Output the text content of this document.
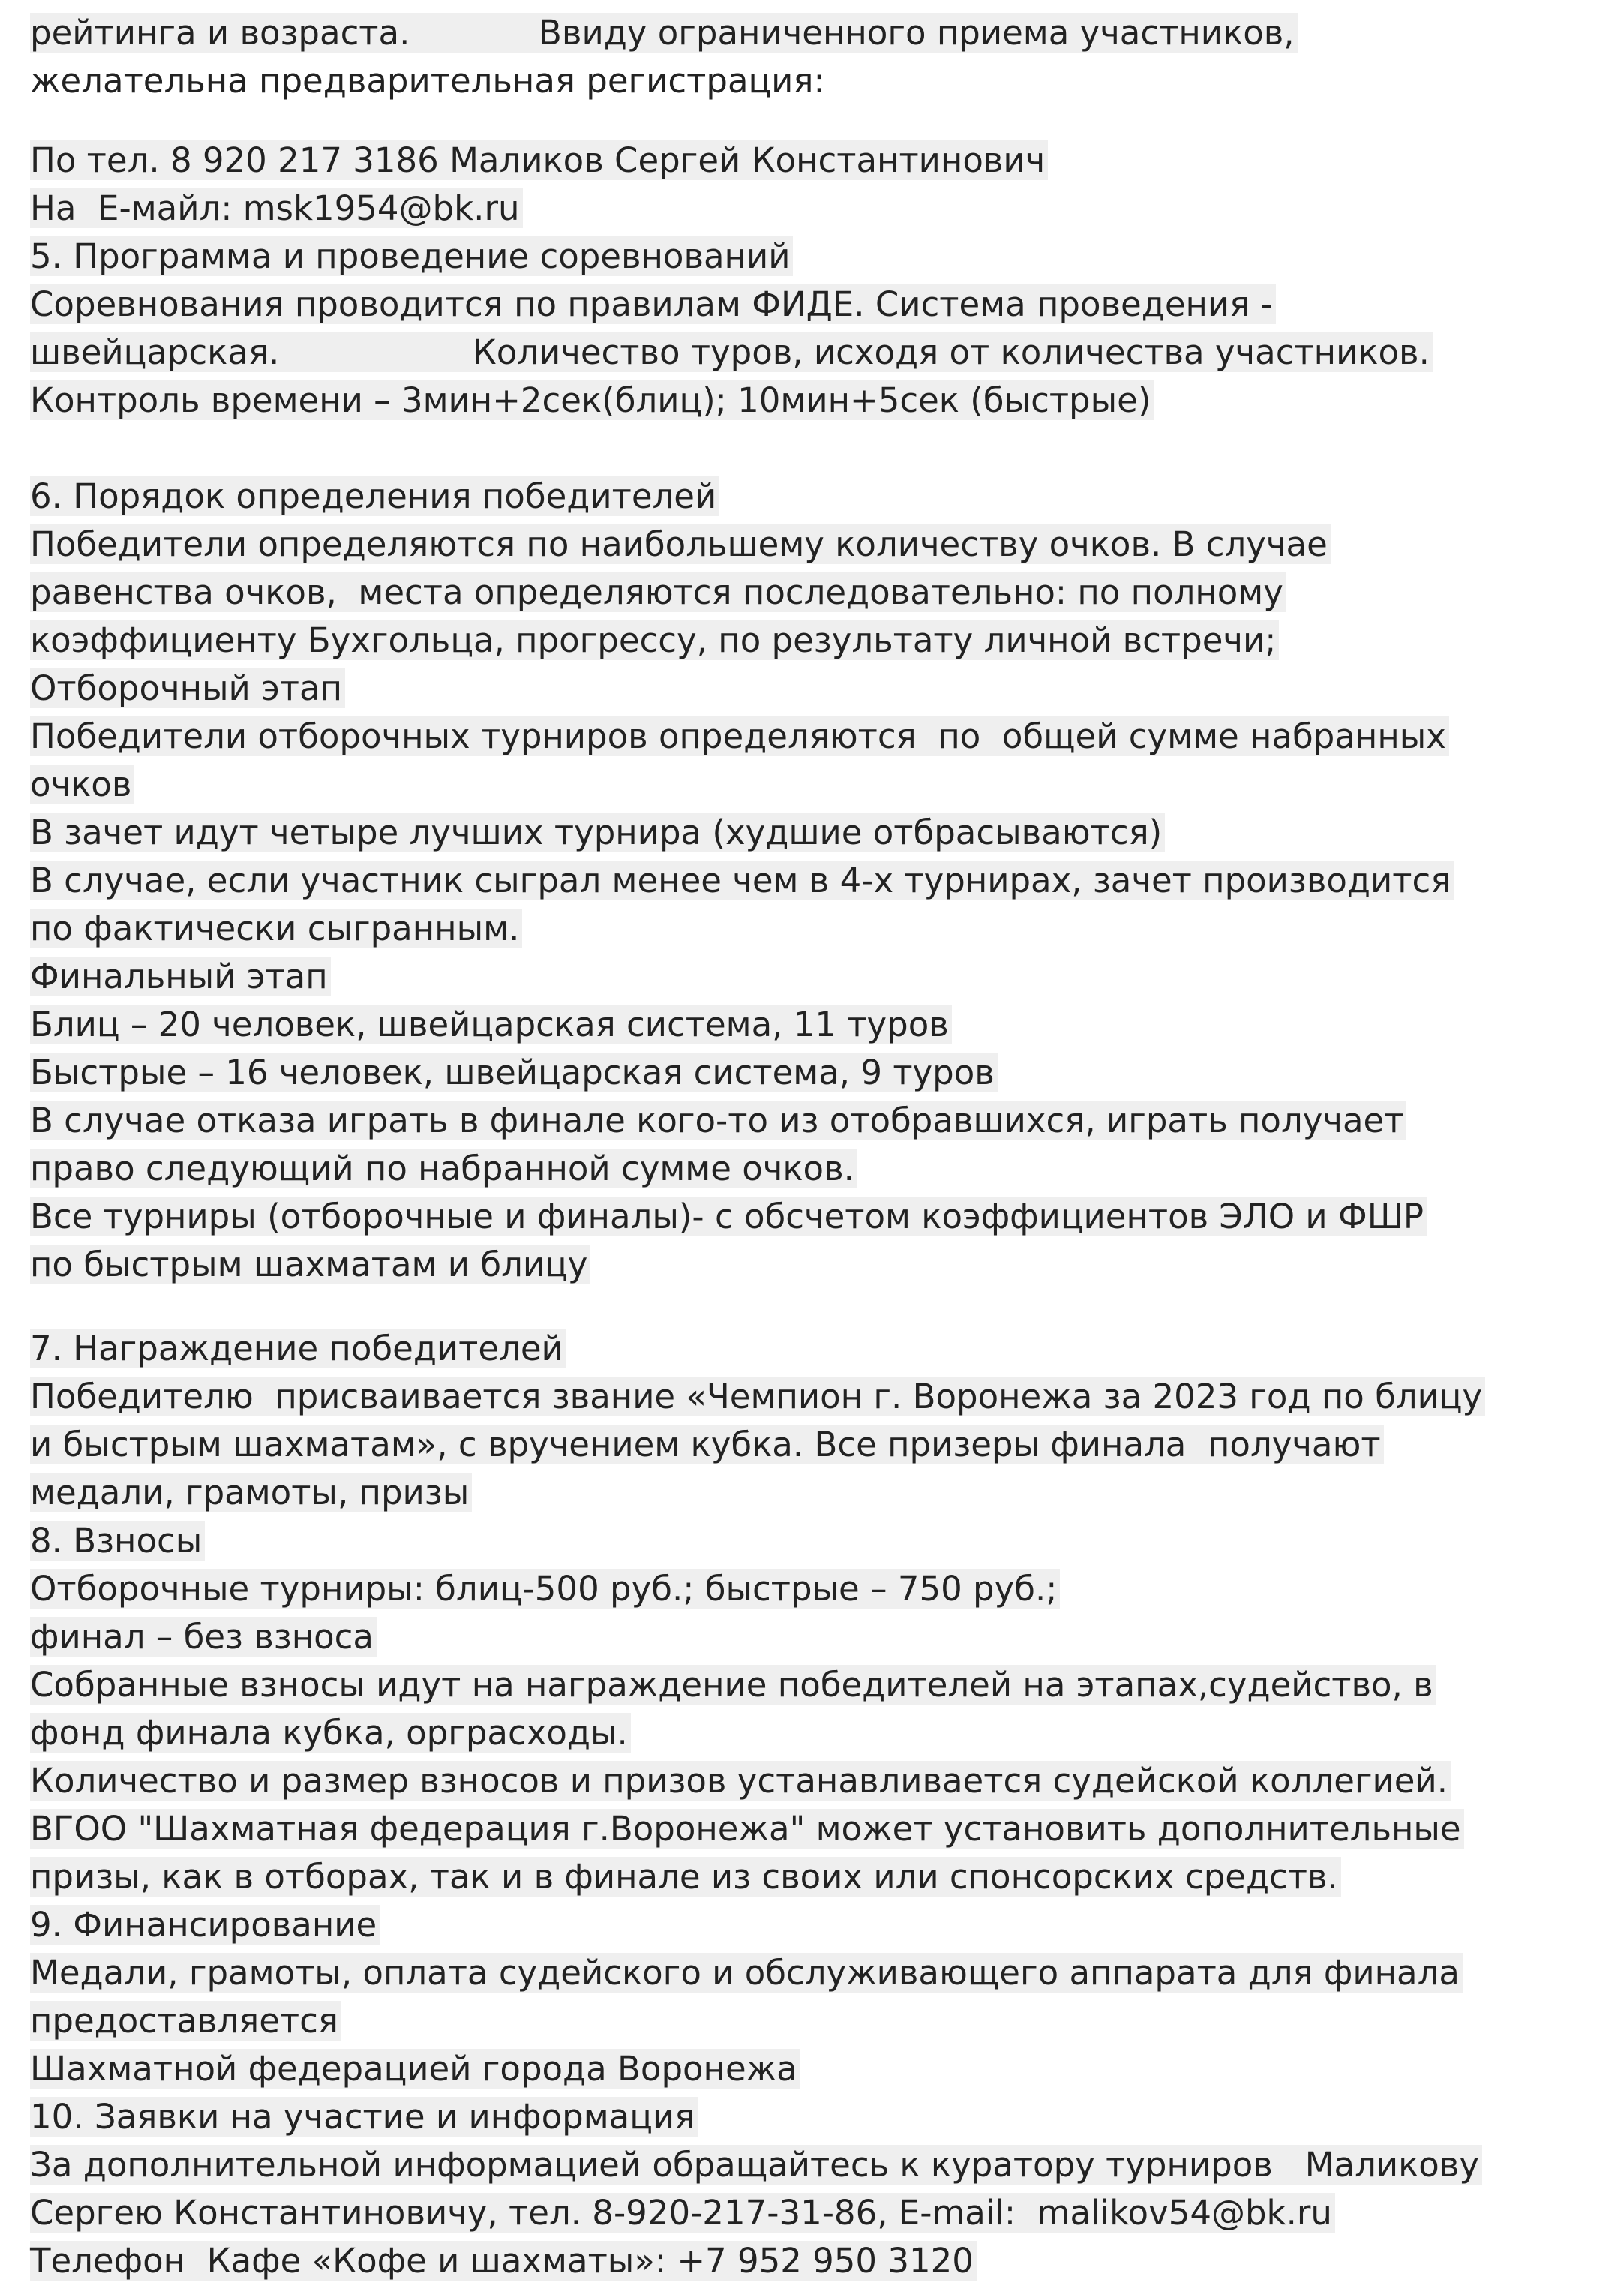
рейтинга и возраста.            Ввиду ограниченного приема участников,
желательна предварительная регистрация:
По тел. 8 920 217 3186 Маликов Сергей Константинович
На  Е-майл: msk1954@bk.ru
5. Программа и проведение соревнований
Соревнования проводится по правилам ФИДЕ. Система проведения -
швейцарская.                  Количество туров, исходя от количества участников.
Контроль времени – 3мин+2сек(блиц); 10мин+5сек (быстрые)
6. Порядок определения победителей
Победители определяются по наибольшему количеству очков. В случае
равенства очков,  места определяются последовательно: по полному
коэффициенту Бухгольца, прогрессу, по результату личной встречи;
Отборочный этап
Победители отборочных турниров определяются  по  общей сумме набранных
очков
В зачет идут четыре лучших турнира (худшие отбрасываются)
В случае, если участник сыграл менее чем в 4-х турнирах, зачет производится
по фактически сыгранным.
Финальный этап
Блиц – 20 человек, швейцарская система, 11 туров
Быстрые – 16 человек, швейцарская система, 9 туров
В случае отказа играть в финале кого-то из отобравшихся, играть получает
право следующий по набранной сумме очков.
Все турниры (отборочные и финалы)- с обсчетом коэффициентов ЭЛО и ФШР
по быстрым шахматам и блицу
7. Награждение победителей
Победителю  присваивается звание «Чемпион г. Воронежа за 2023 год по блицу
и быстрым шахматам», с вручением кубка. Все призеры финала  получают
медали, грамоты, призы
8. Взносы
Отборочные турниры: блиц-500 руб.; быстрые – 750 руб.;
финал – без взноса
Собранные взносы идут на награждение победителей на этапах,судейство, в
фонд финала кубка, орграсходы.
Количество и размер взносов и призов устанавливается судейской коллегией.
ВГОО "Шахматная федерация г.Воронежа" может установить дополнительные
призы, как в отборах, так и в финале из своих или спонсорских средств.
9. Финансирование
Медали, грамоты, оплата судейского и обслуживающего аппарата для финала
предоставляется
Шахматной федерацией города Воронежа
10. Заявки на участие и информация
За дополнительной информацией обращайтесь к куратору турниров   Маликову
Сергею Константиновичу, тел. 8-920-217-31-86, E-mail:  malikov54@bk.ru
Телефон  Кафе «Кофе и шахматы»: +7 952 950 3120
